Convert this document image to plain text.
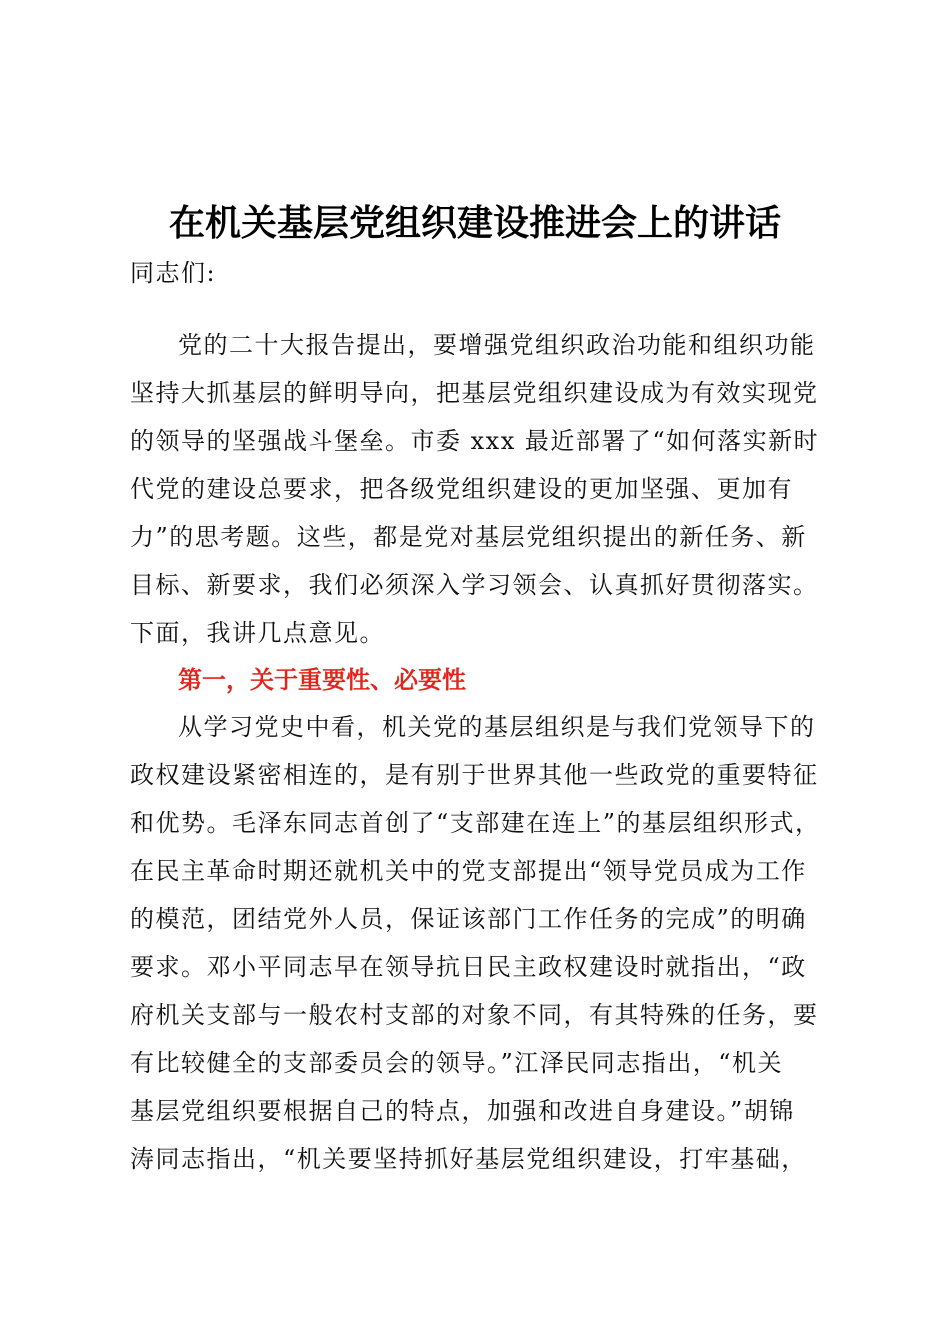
在机关基层党组织建设推进会上的讲话

同志们:

党的二十大报告提出，要增强党组织政治功能和组织功能
坚持大抓基层的鲜明导向，把基层党组织建设成为有效实现党
的领导的坚强战斗堡垒。市委 xxx 最近部署了“如何落实新时
代党的建设总要求，把各级党组织建设的更加坚强、更加有
力”的思考题。这些，都是党对基层党组织提出的新任务、新
目标、新要求，我们必须深入学习领会、认真抓好贯彻落实。
下面，我讲几点意见。

第一，关于重要性、必要性

从学习党史中看，机关党的基层组织是与我们党领导下的
政权建设紧密相连的，是有别于世界其他一些政党的重要特征
和优势。毛泽东同志首创了“支部建在连上”的基层组织形式，
在民主革命时期还就机关中的党支部提出“领导党员成为工作
的模范，团结党外人员，保证该部门工作任务的完成”的明确
要求。邓小平同志早在领导抗日民主政权建设时就指出，“政
府机关支部与一般农村支部的对象不同，有其特殊的任务，要
有比较健全的支部委员会的领导。”江泽民同志指出，“机关
基层党组织要根据自己的特点，加强和改进自身建设。”胡锦
涛同志指出，“机关要坚持抓好基层党组织建设，打牢基础，
